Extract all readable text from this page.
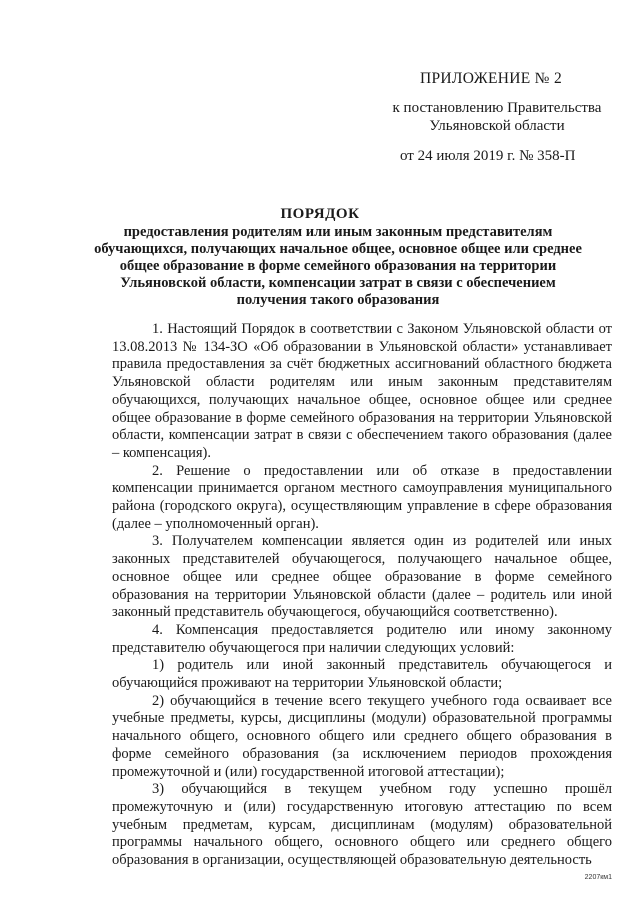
ПРИЛОЖЕНИЕ № 2
к постановлению Правительства
Ульяновской области
от 24 июля 2019 г. № 358-П
ПОРЯДОК
предоставления родителям или иным законным представителям обучающихся, получающих начальное общее, основное общее или среднее общее образование в форме семейного образования на территории Ульяновской области, компенсации затрат в связи с обеспечением получения такого образования

1. Настоящий Порядок в соответствии с Законом Ульяновской области от 13.08.2013 № 134-ЗО «Об образовании в Ульяновской области» устанавливает правила предоставления за счёт бюджетных ассигнований областного бюджета Ульяновской области родителям или иным законным представителям обучающихся, получающих начальное общее, основное общее или среднее общее образование в форме семейного образования на территории Ульяновской области, компенсации затрат в связи с обеспечением такого образования (далее – компенсация).

2. Решение о предоставлении или об отказе в предоставлении компенсации принимается органом местного самоуправления муниципального района (городского округа), осуществляющим управление в сфере образования (далее – уполномоченный орган).

3. Получателем компенсации является один из родителей или иных законных представителей обучающегося, получающего начальное общее, основное общее или среднее общее образование в форме семейного образования на территории Ульяновской области (далее – родитель или иной законный представитель обучающегося, обучающийся соответственно).

4. Компенсация предоставляется родителю или иному законному представителю обучающегося при наличии следующих условий:

1) родитель или иной законный представитель обучающегося и обучающийся проживают на территории Ульяновской области;

2) обучающийся в течение всего текущего учебного года осваивает все учебные предметы, курсы, дисциплины (модули) образовательной программы начального общего, основного общего или среднего общего образования в форме семейного образования (за исключением периодов прохождения промежуточной и (или) государственной итоговой аттестации);

3) обучающийся в текущем учебном году успешно прошёл промежуточную и (или) государственную итоговую аттестацию по всем учебным предметам, курсам, дисциплинам (модулям) образовательной программы начального общего, основного общего или среднего общего образования в организации, осуществляющей образовательную деятельность

2207км1
